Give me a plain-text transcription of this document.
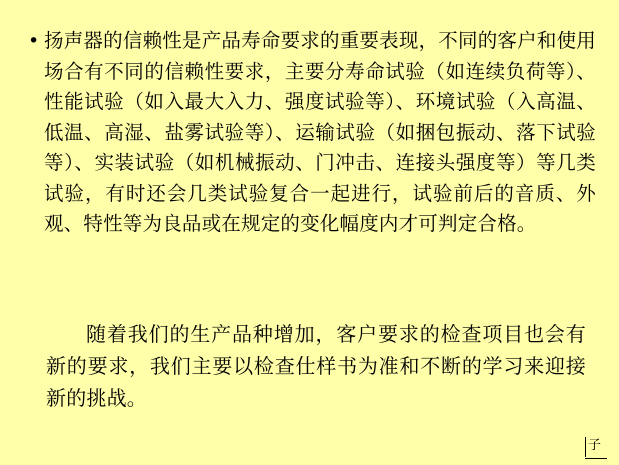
• 扬声器的信赖性是产品寿命要求的重要表现，不同的客户和使用场合有不同的信赖性要求，主要分寿命试验（如连续负荷等）、性能试验（如入最大入力、强度试验等）、环境试验（入高温、低温、高湿、盐雾试验等）、运输试验（如捆包振动、落下试验等）、实装试验（如机械振动、门冲击、连接头强度等）等几类试验，有时还会几类试验复合一起进行，试验前后的音质、外观、特性等为良品或在规定的变化幅度内才可判定合格。
随着我们的生产品种增加，客户要求的检查项目也会有新的要求，我们主要以检查仕样书为准和不断的学习来迎接新的挑战。
子
